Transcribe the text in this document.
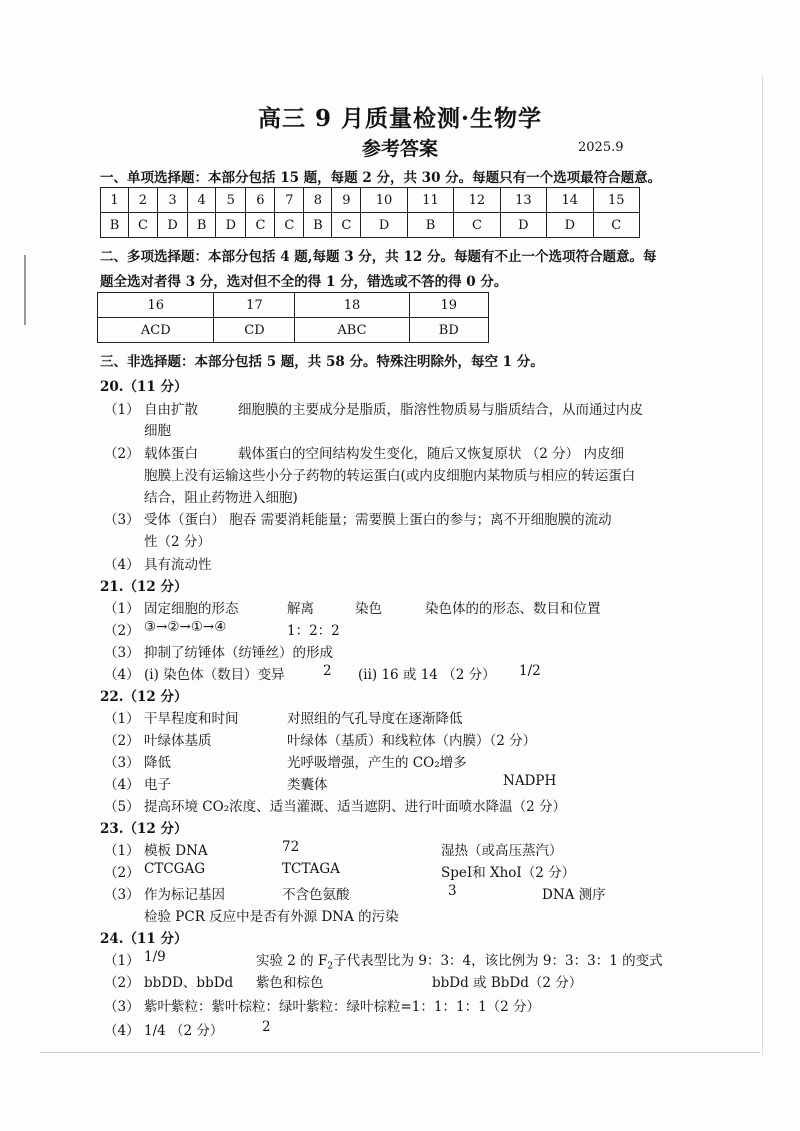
高三 9 月质量检测·生物学
参考答案	2025.9
一、单项选择题：本部分包括 15 题，每题 2 分，共 30 分。每题只有一个选项最符合题意。
1	2	3	4	5	6	7	8	9	10	11	12	13	14	15
B	C	D	B	D	C	C	B	C	D	B	C	D	D	C
二、多项选择题：本部分包括 4 题,每题 3 分，共 12 分。每题有不止一个选项符合题意。每
题全选对者得 3 分，选对但不全的得 1 分，错选或不答的得 0 分。
16	17	18	19
ACD	CD	ABC	BD
三、非选择题：本部分包括 5 题，共 58 分。特殊注明除外，每空 1 分。
20.（11 分）
（1） 自由扩散	细胞膜的主要成分是脂质，脂溶性物质易与脂质结合，从而通过内皮
细胞
（2） 载体蛋白	载体蛋白的空间结构发生变化，随后又恢复原状 （2 分） 内皮细
胞膜上没有运输这些小分子药物的转运蛋白(或内皮细胞内某物质与相应的转运蛋白
结合，阻止药物进入细胞)
（3） 受体（蛋白） 胞吞 需要消耗能量；需要膜上蛋白的参与；离不开细胞膜的流动
性（2 分）
（4） 具有流动性
21.（12 分）
（1） 固定细胞的形态	解离	染色	染色体的的形态、数目和位置
（2） ③→②→①→④	1：2：2
（3） 抑制了纺锤体（纺锤丝）的形成
（4） (i) 染色体（数目）变异	2 (ii) 16 或 14 （2 分） 1/2
22.（12 分）
（1） 干旱程度和时间	对照组的气孔导度在逐渐降低
（2） 叶绿体基质	叶绿体（基质）和线粒体（内膜）（2 分）
（3） 降低	光呼吸增强，产生的 CO₂增多
（4） 电子	类囊体	NADPH
（5） 提高环境 CO₂浓度、适当灌溉、适当遮阴、进行叶面喷水降温（2 分）
23.（12 分）
（1） 模板 DNA	72	湿热（或高压蒸汽）
（2） CTCGAG	TCTAGA	SpeI和 XhoI（2 分）
（3） 作为标记基因	不含色氨酸	3	DNA 测序
检验 PCR 反应中是否有外源 DNA 的污染
24.（11 分）
（1） 1/9	实验 2 的 $F_2$子代表型比为 9：3：4，该比例为 9：3：3：1 的变式
（2） bbDD、bbDd 紫色和棕色	bbDd 或 BbDd（2 分）
（3） 紫叶紫粒：紫叶棕粒：绿叶紫粒：绿叶棕粒=1：1：1：1（2 分）
（4） 1/4 （2 分）	2
